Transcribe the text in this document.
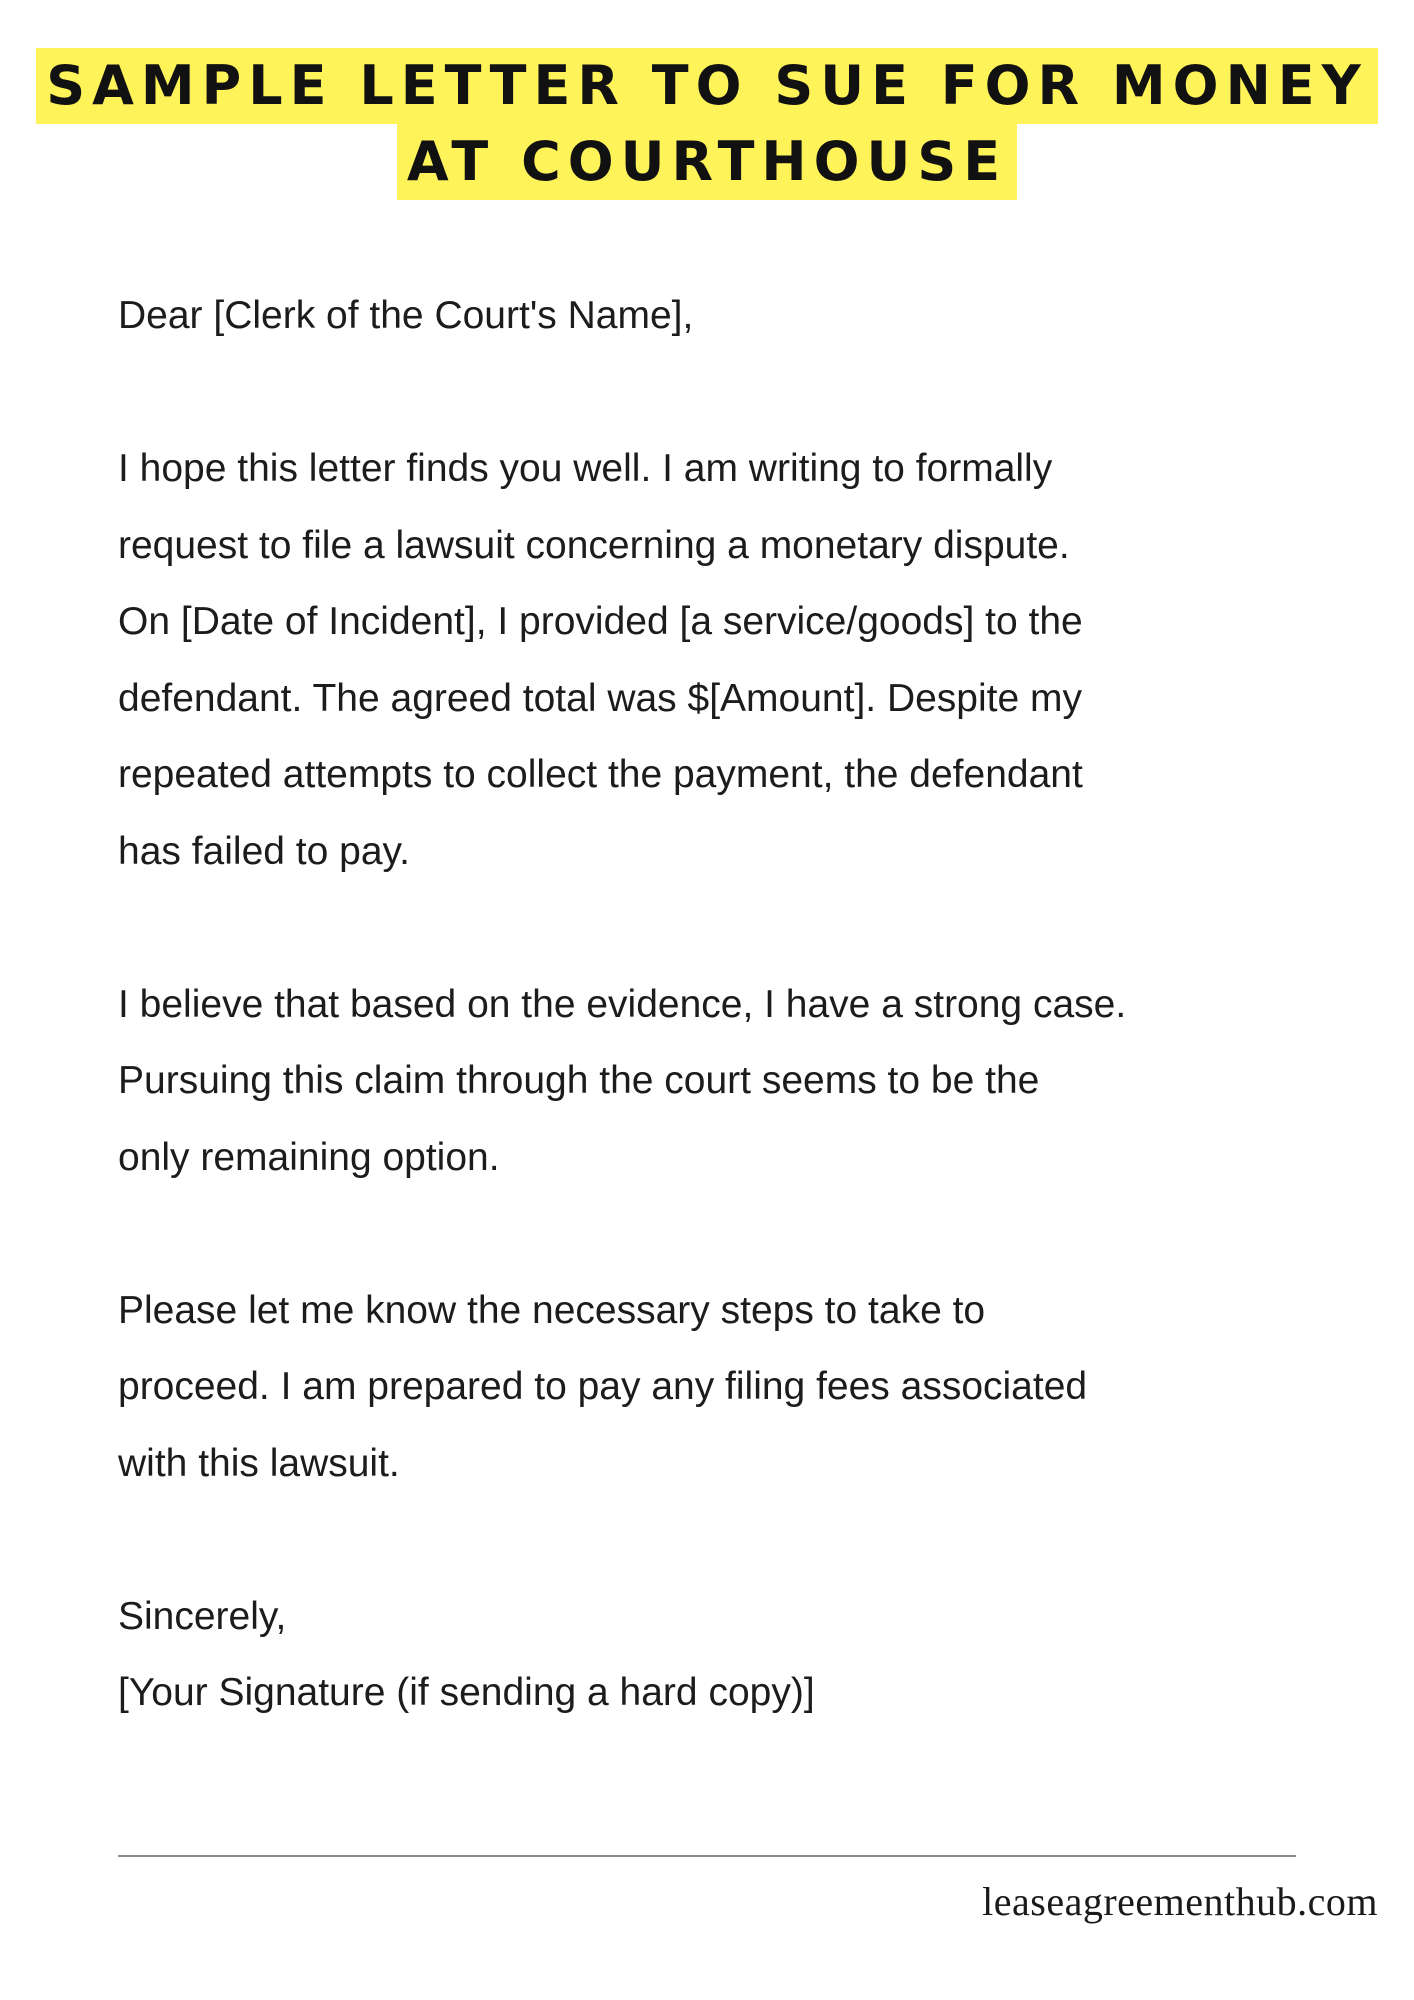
SAMPLE LETTER TO SUE FOR MONEY
AT COURTHOUSE

Dear [Clerk of the Court's Name],

I hope this letter finds you well. I am writing to formally

request to file a lawsuit concerning a monetary dispute.

On [Date of Incident], I provided [a service/goods] to the

defendant. The agreed total was $[Amount]. Despite my

repeated attempts to collect the payment, the defendant

has failed to pay.

I believe that based on the evidence, I have a strong case.

Pursuing this claim through the court seems to be the

only remaining option.

Please let me know the necessary steps to take to

proceed. I am prepared to pay any filing fees associated

with this lawsuit.

Sincerely,

[Your Signature (if sending a hard copy)]

leaseagreementhub.com
